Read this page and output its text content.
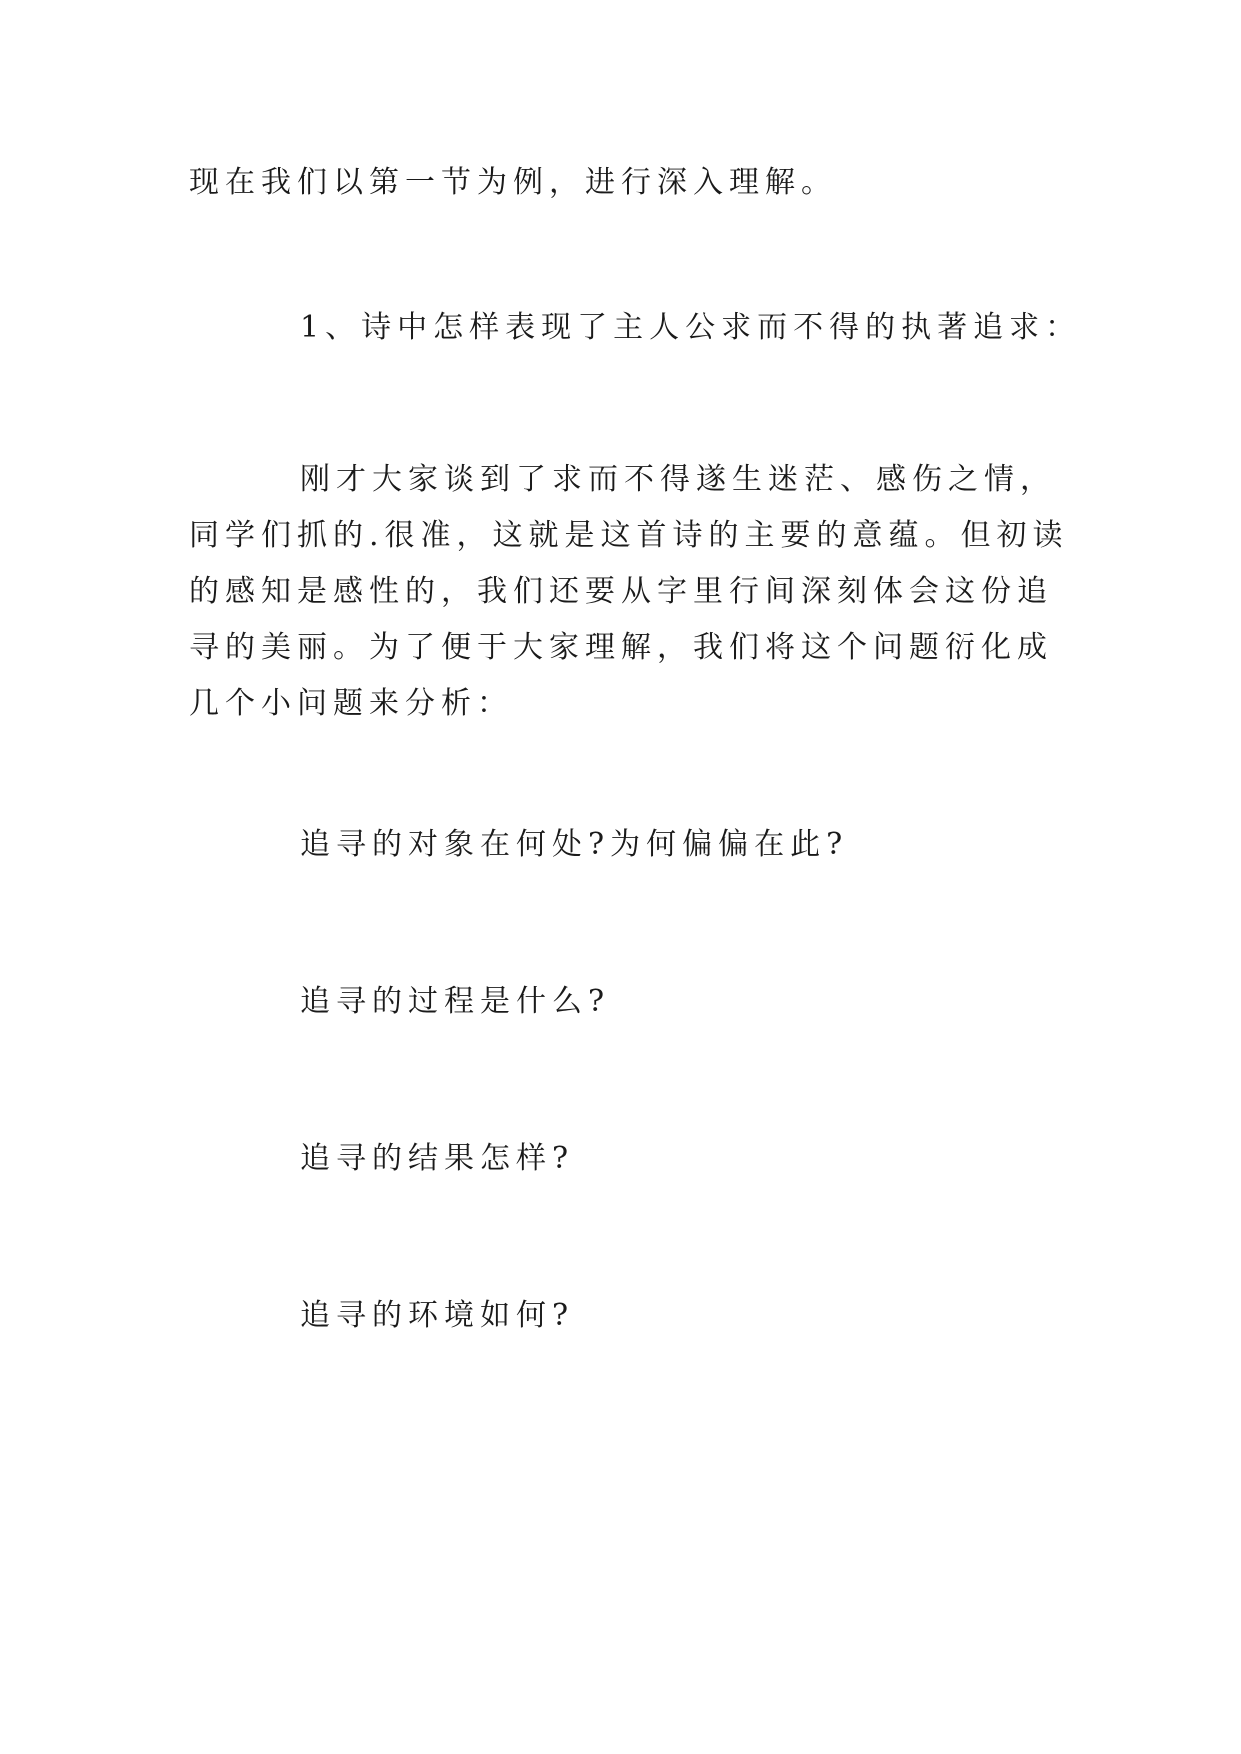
现在我们以第一节为例，进行深入理解。

1、诗中怎样表现了主人公求而不得的执著追求：

刚才大家谈到了求而不得遂生迷茫、感伤之情，同学们抓的.很准，这就是这首诗的主要的意蕴。但初读的感知是感性的，我们还要从字里行间深刻体会这份追寻的美丽。为了便于大家理解，我们将这个问题衍化成几个小问题来分析：

追寻的对象在何处?为何偏偏在此?

追寻的过程是什么?

追寻的结果怎样?

追寻的环境如何?
